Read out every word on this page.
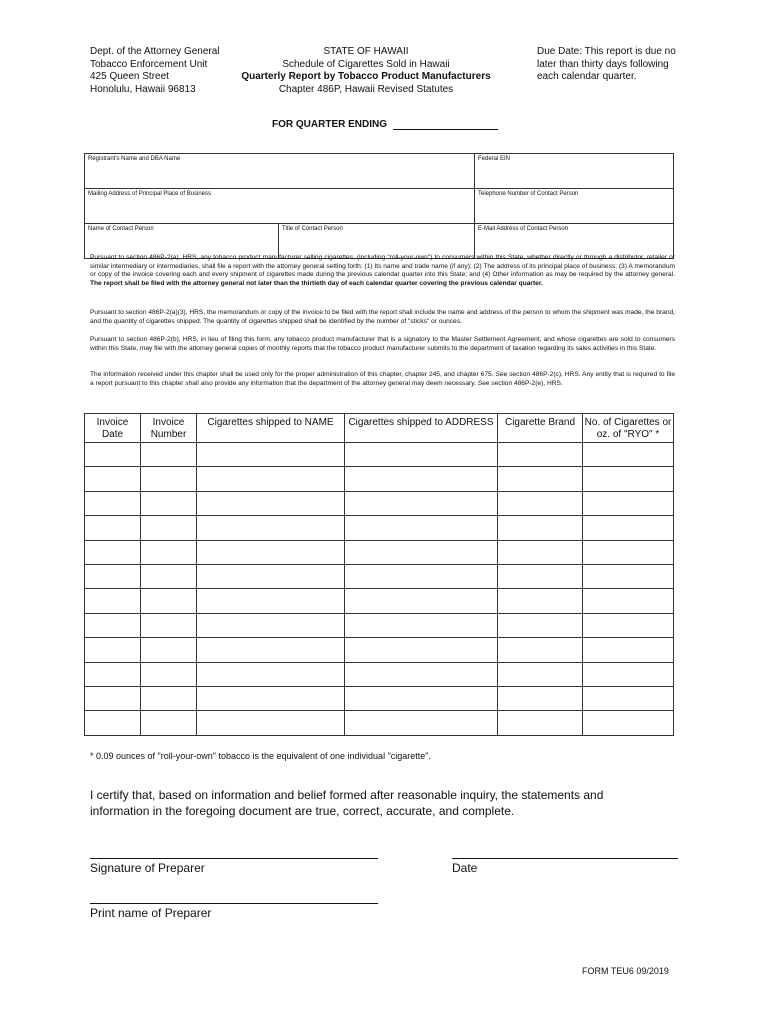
Dept. of the Attorney General
Tobacco Enforcement Unit
425 Queen Street
Honolulu, Hawaii 96813
STATE OF HAWAII
Schedule of Cigarettes Sold in Hawaii
Quarterly Report by Tobacco Product Manufacturers
Chapter 486P, Hawaii Revised Statutes
Due Date: This report is due no
later than thirty days following
each calendar quarter.
FOR QUARTER ENDING
Registrant's Name and DBA Name		Federal EIN
Mailing Address of Principal Place of Business		Telephone Number of Contact Person
Name of Contact Person	Title of Contact Person	E-Mail Address of Contact Person
Pursuant to section 486P-2(a), HRS, any tobacco product manufacturer selling cigarettes, (including "roll-your-own") to consumers within this State, whether directly or through a distributor, retailer or similar intermediary or intermediaries, shall file a report with the attorney general setting forth: (1) Its name and trade name (if any); (2) The address of its principal place of business; (3) A memorandum or copy of the invoice covering each and every shipment of cigarettes made during the previous calendar quarter into this State; and (4) Other information as may be required by the attorney general. The report shall be filed with the attorney general not later than the thirtieth day of each calendar quarter covering the previous calendar quarter.
Pursuant to section 486P-2(a)(3), HRS, the memorandum or copy of the invoice to be filed with the report shall include the name and address of the person to whom the shipment was made, the brand, and the quantity of cigarettes shipped. The quantity of cigarettes shipped shall be identified by the number of "sticks" or ounces.
Pursuant to section 486P-2(b), HRS, in lieu of filing this form, any tobacco product manufacturer that is a signatory to the Master Settlement Agreement, and whose cigarettes are sold to consumers within this State, may file with the attorney general copies of monthly reports that the tobacco product manufacturer submits to the department of taxation regarding its sales activities in this State.
The information received under this chapter shall be used only for the proper administration of this chapter, chapter 245, and chapter 675. See section 486P-2(c), HRS. Any entity that is required to file a report pursuant to this chapter shall also provide any information that the department of the attorney general may deem necessary. See section 486P-2(e), HRS.
Invoice Date	Invoice Number	Cigarettes shipped to NAME	Cigarettes shipped to ADDRESS	Cigarette Brand	No. of Cigarettes or oz. of "RYO" *

* 0.09 ounces of "roll-your-own" tobacco is the equivalent of one individual "cigarette".
I certify that, based on information and belief formed after reasonable inquiry, the statements and information in the foregoing document are true, correct, accurate, and complete.
Signature of Preparer	Date
Print name of Preparer
FORM TEU6 09/2019
